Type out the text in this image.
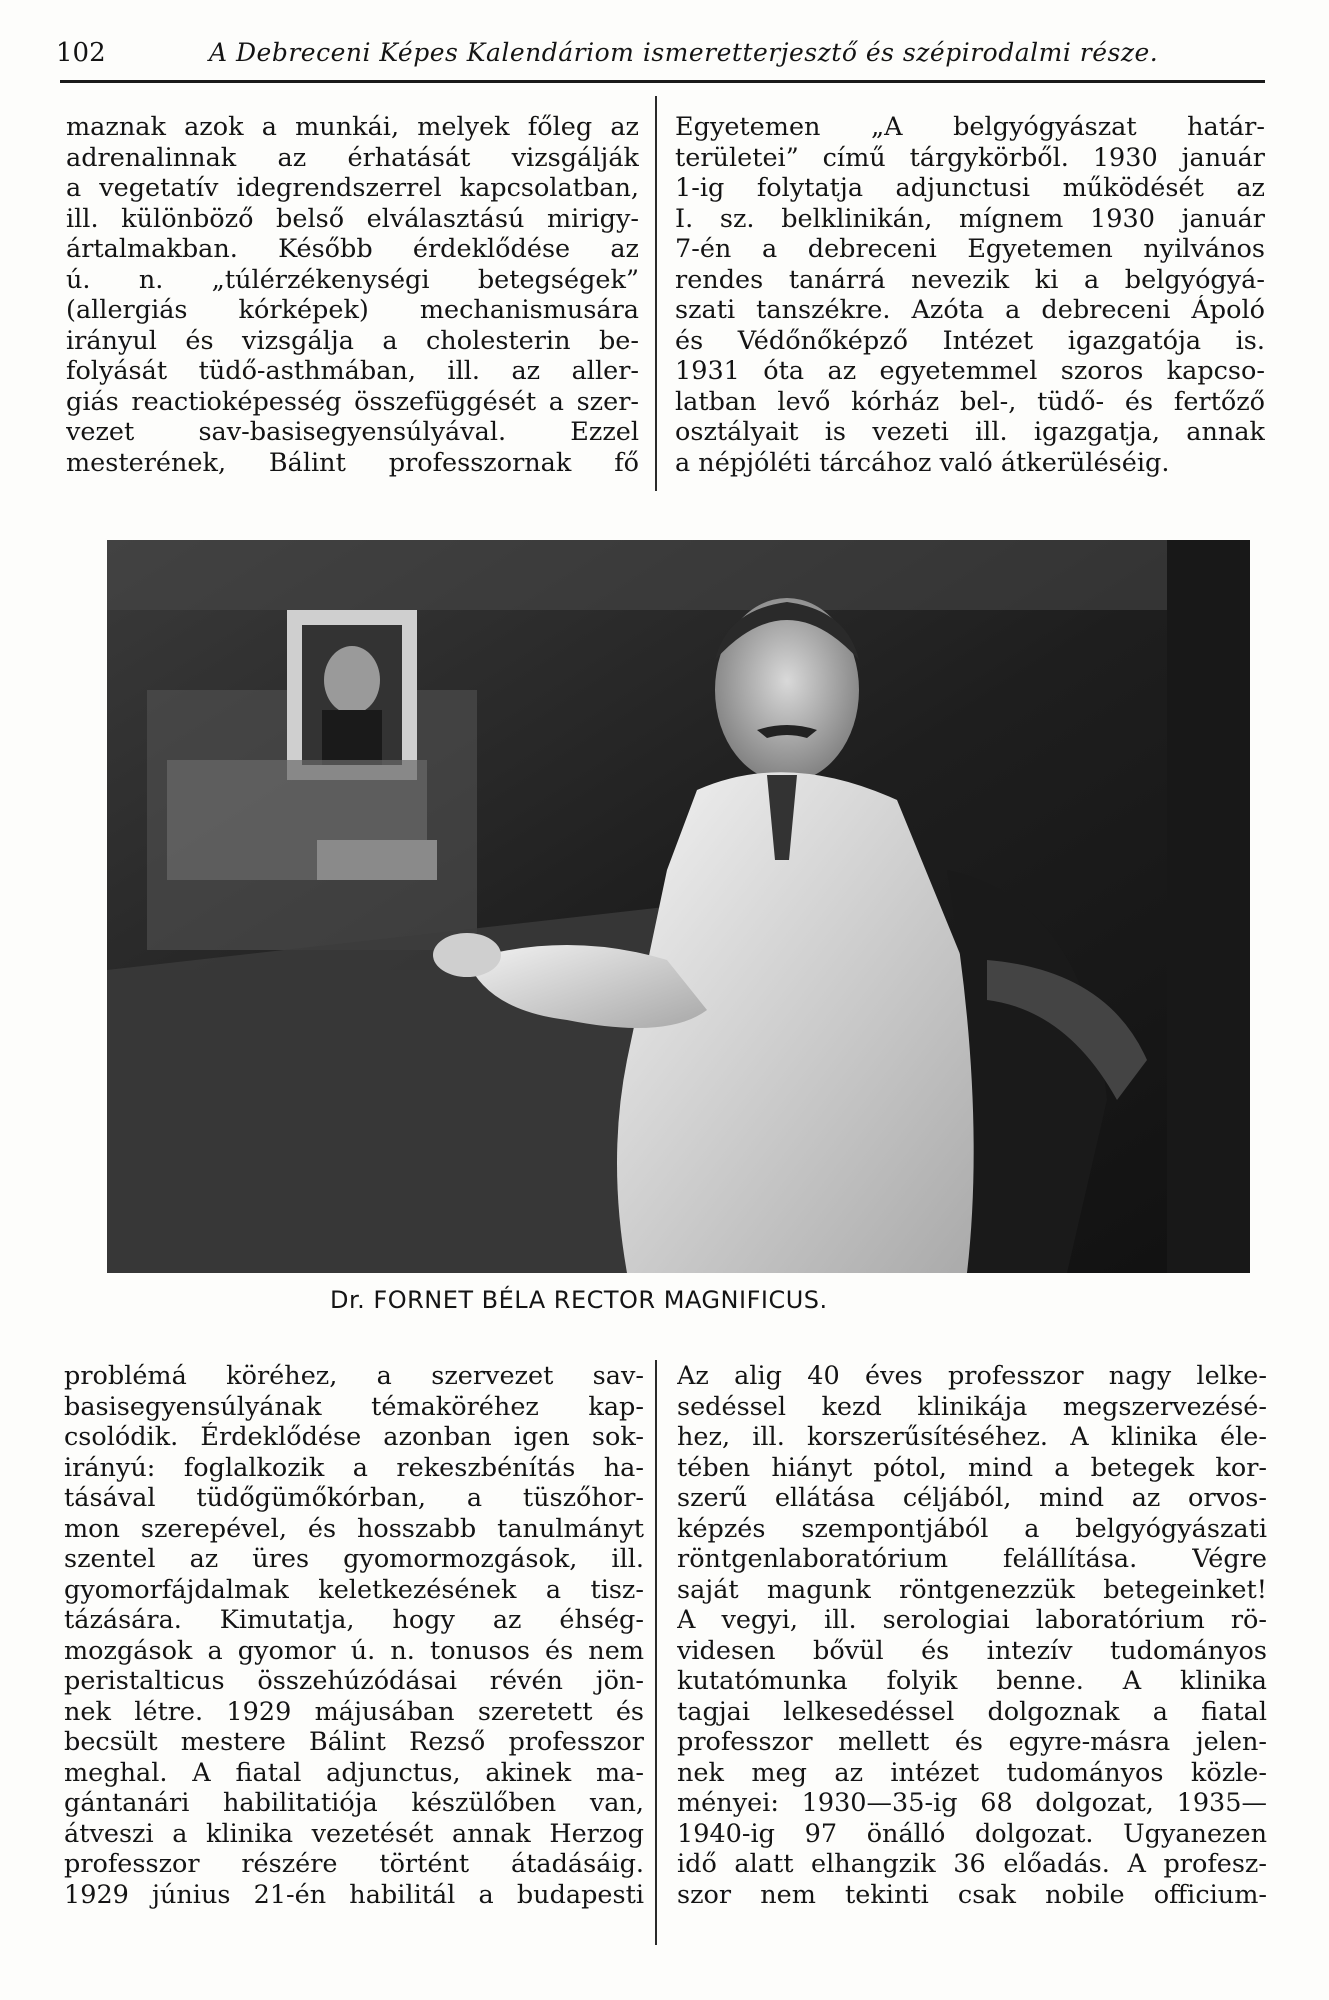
102	A Debreceni Képes Kalendáriom ismeretterjesztő és szépirodalmi része.
maznak azok a munkái, melyek főleg az
adrenalinnak az érhatását vizsgálják
a vegetatív idegrendszerrel kapcsolatban,
ill. különböző belső elválasztású mirigy-
ártalmakban. Később érdeklődése az
ú. n. „túlérzékenységi betegségek”
(allergiás kórképek) mechanismusára
irányul és vizsgálja a cholesterin be-
folyását tüdő-asthmában, ill. az aller-
giás reactioképesség összefüggését a szer-
vezet sav-basisegyensúlyával. Ezzel
mesterének, Bálint professzornak fő
Egyetemen „A belgyógyászat határ-
területei” című tárgykörből. 1930 január
1-ig folytatja adjunctusi működését az
I. sz. belklinikán, mígnem 1930 január
7-én a debreceni Egyetemen nyilvános
rendes tanárrá nevezik ki a belgyógyá-
szati tanszékre. Azóta a debreceni Ápoló
és Védőnőképző Intézet igazgatója is.
1931 óta az egyetemmel szoros kapcso-
latban levő kórház bel-, tüdő- és fertőző
osztályait is vezeti ill. igazgatja, annak
a népjóléti tárcához való átkerüléséig.
Dr. FORNET BÉLA RECTOR MAGNIFICUS.
problémá köréhez, a szervezet sav-
basisegyensúlyának témaköréhez kap-
csolódik. Érdeklődése azonban igen sok-
irányú: foglalkozik a rekeszbénítás ha-
tásával tüdőgümőkórban, a tüszőhor-
mon szerepével, és hosszabb tanulmányt
szentel az üres gyomormozgások, ill.
gyomorfájdalmak keletkezésének a tisz-
tázására. Kimutatja, hogy az éhség-
mozgások a gyomor ú. n. tonusos és nem
peristalticus összehúzódásai révén jön-
nek létre. 1929 májusában szeretett és
becsült mestere Bálint Rezső professzor
meghal. A fiatal adjunctus, akinek ma-
gántanári habilitatiója készülőben van,
átveszi a klinika vezetését annak Herzog
professzor részére történt átadásáig.
1929 június 21-én habilitál a budapesti
Az alig 40 éves professzor nagy lelke-
sedéssel kezd klinikája megszervezésé-
hez, ill. korszerűsítéséhez. A klinika éle-
tében hiányt pótol, mind a betegek kor-
szerű ellátása céljából, mind az orvos-
képzés szempontjából a belgyógyászati
röntgenlaboratórium felállítása. Végre
saját magunk röntgenezzük betegeinket!
A vegyi, ill. serologiai laboratórium rö-
videsen bővül és intezív tudományos
kutatómunka folyik benne. A klinika
tagjai lelkesedéssel dolgoznak a fiatal
professzor mellett és egyre-másra jelen-
nek meg az intézet tudományos közle-
ményei: 1930—35-ig 68 dolgozat, 1935—
1940-ig 97 önálló dolgozat. Ugyanezen
idő alatt elhangzik 36 előadás. A profesz-
szor nem tekinti csak nobile officium-
